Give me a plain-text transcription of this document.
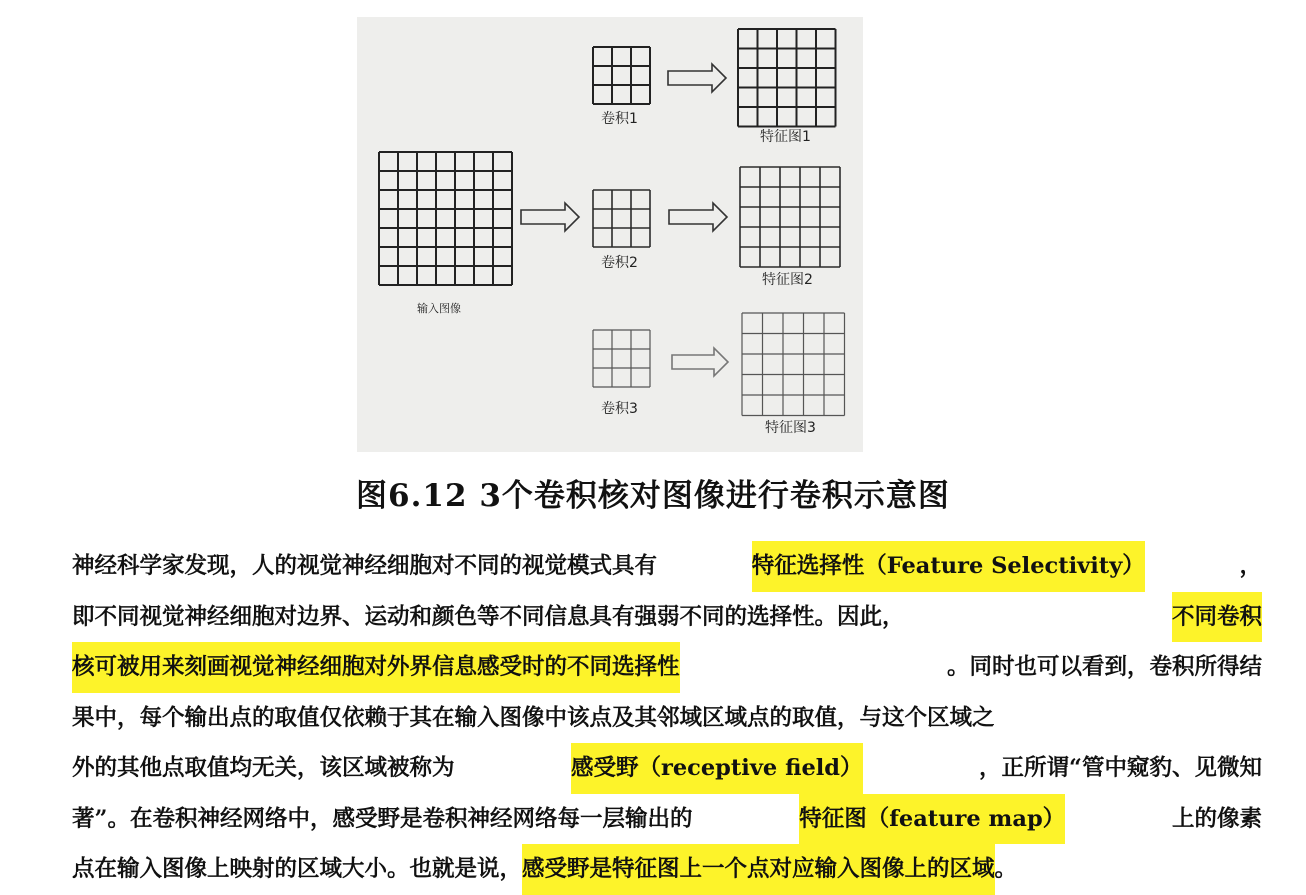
输入图像
卷积1
卷积2
卷积3
特征图1
特征图2
特征图3
图6.12 3个卷积核对图像进行卷积示意图
神经科学家发现，人的视觉神经细胞对不同的视觉模式具有	特征选择性（Feature Selectivity）	，
即不同视觉神经细胞对边界、运动和颜色等不同信息具有强弱不同的选择性。因此，	不同卷积
核可被用来刻画视觉神经细胞对外界信息感受时的不同选择性	。同时也可以看到，卷积所得结
果中，每个输出点的取值仅依赖于其在输入图像中该点及其邻域区域点的取值，与这个区域之
外的其他点取值均无关，该区域被称为	感受野（receptive field）	，正所谓“管中窥豹、见微知
著”。在卷积神经网络中，感受野是卷积神经网络每一层输出的	特征图（feature map）	上的像素
点在输入图像上映射的区域大小。也就是说， 感受野是特征图上一个点对应输入图像上的区域 。
